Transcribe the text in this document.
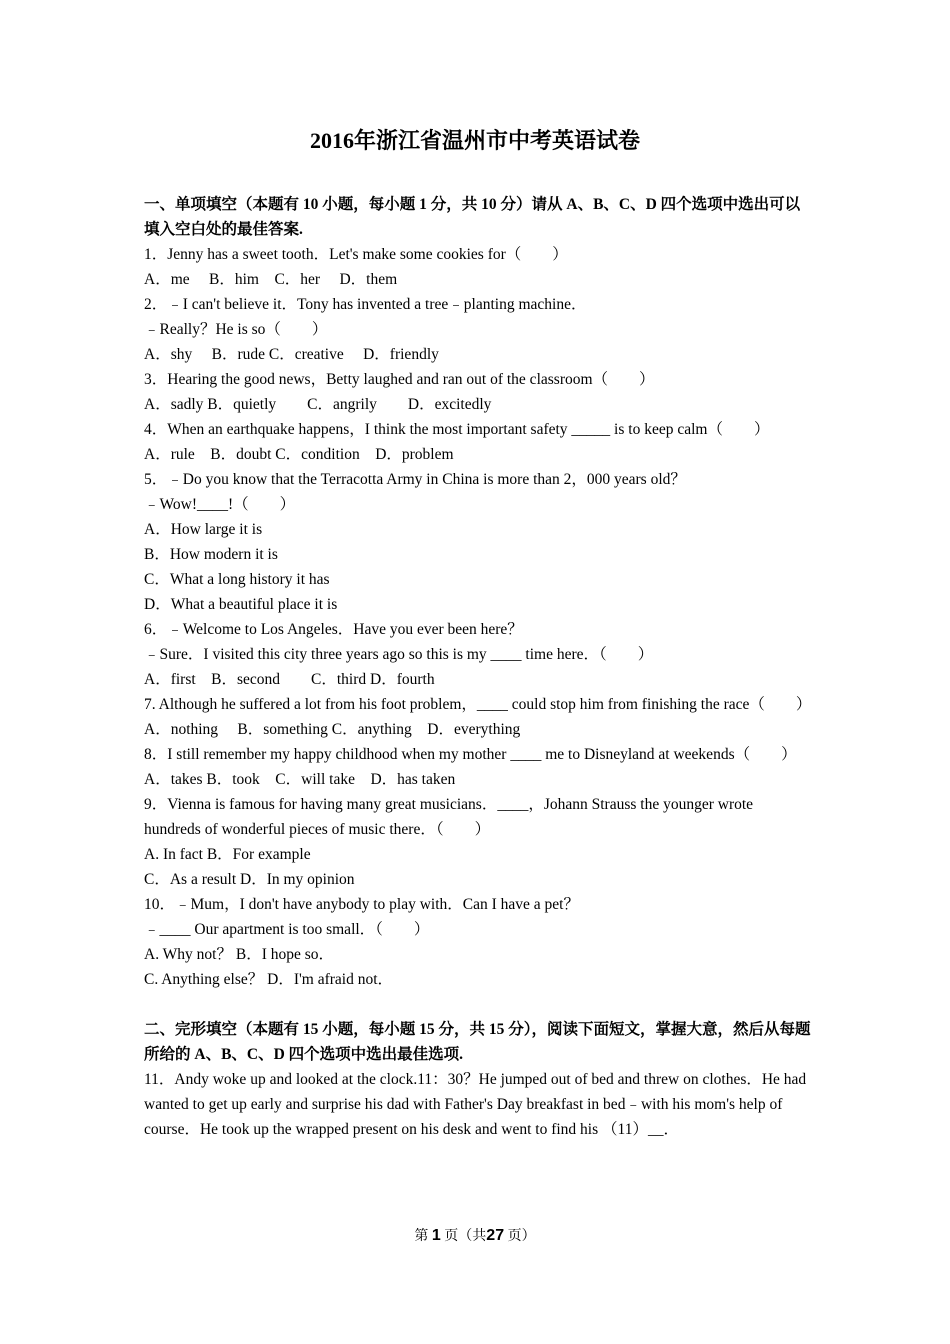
2016年浙江省温州市中考英语试卷
一、单项填空（本题有 10 小题，每小题 1 分，共 10 分）请从 A、B、C、D 四个选项中选出可以填入空白处的最佳答案.
1．Jenny has a sweet tooth．Let's make some cookies for（　　）
A．me　 B．him　C．her　 D．them
2．﹣I can't believe it．Tony has invented a tree﹣planting machine．
﹣Really？He is so（　　）
A．shy　 B．rude C．creative　 D．friendly
3．Hearing the good news，Betty laughed and ran out of the classroom（　　）
A．sadly B．quietly　　C．angrily　　D．excitedly
4．When an earthquake happens，I think the most important safety _____ is to keep calm（　　）
A．rule　B．doubt C．condition　D．problem
5．﹣Do you know that the Terracotta Army in China is more than 2，000 years old？
﹣Wow!____!（　　）
A．How large it is
B．How modern it is
C．What a long history it has
D．What a beautiful place it is
6．﹣Welcome to Los Angeles．Have you ever been here？
﹣Sure．I visited this city three years ago so this is my ____ time here．（　　）
A．first　B．second　　C．third D．fourth
7. Although he suffered a lot from his foot problem，____ could stop him from finishing the race（　　）
A．nothing　 B．something C．anything　D．everything
8．I still remember my happy childhood when my mother ____ me to Disneyland at weekends（　　）
A．takes B．took　C．will take　D．has taken
9．Vienna is famous for having many great musicians．____，Johann Strauss the younger wrote hundreds of wonderful pieces of music there．（　　）
A. In fact B．For example
C．As a result D．In my opinion
10．﹣Mum，I don't have anybody to play with．Can I have a pet？
﹣____ Our apartment is too small．（　　）
A. Why not？ B．I hope so．
C. Anything else？ D．I'm afraid not．
二、完形填空（本题有 15 小题，每小题 15 分，共 15 分），阅读下面短文，掌握大意，然后从每题所给的 A、B、C、D 四个选项中选出最佳选项.
11．Andy woke up and looked at the clock.11：30？He jumped out of bed and threw on clothes．He had wanted to get up early and surprise his dad with Father's Day breakfast in bed﹣with his mom's help of course．He took up the wrapped present on his desk and went to find his （11）__．
第 1 页（共27 页）
